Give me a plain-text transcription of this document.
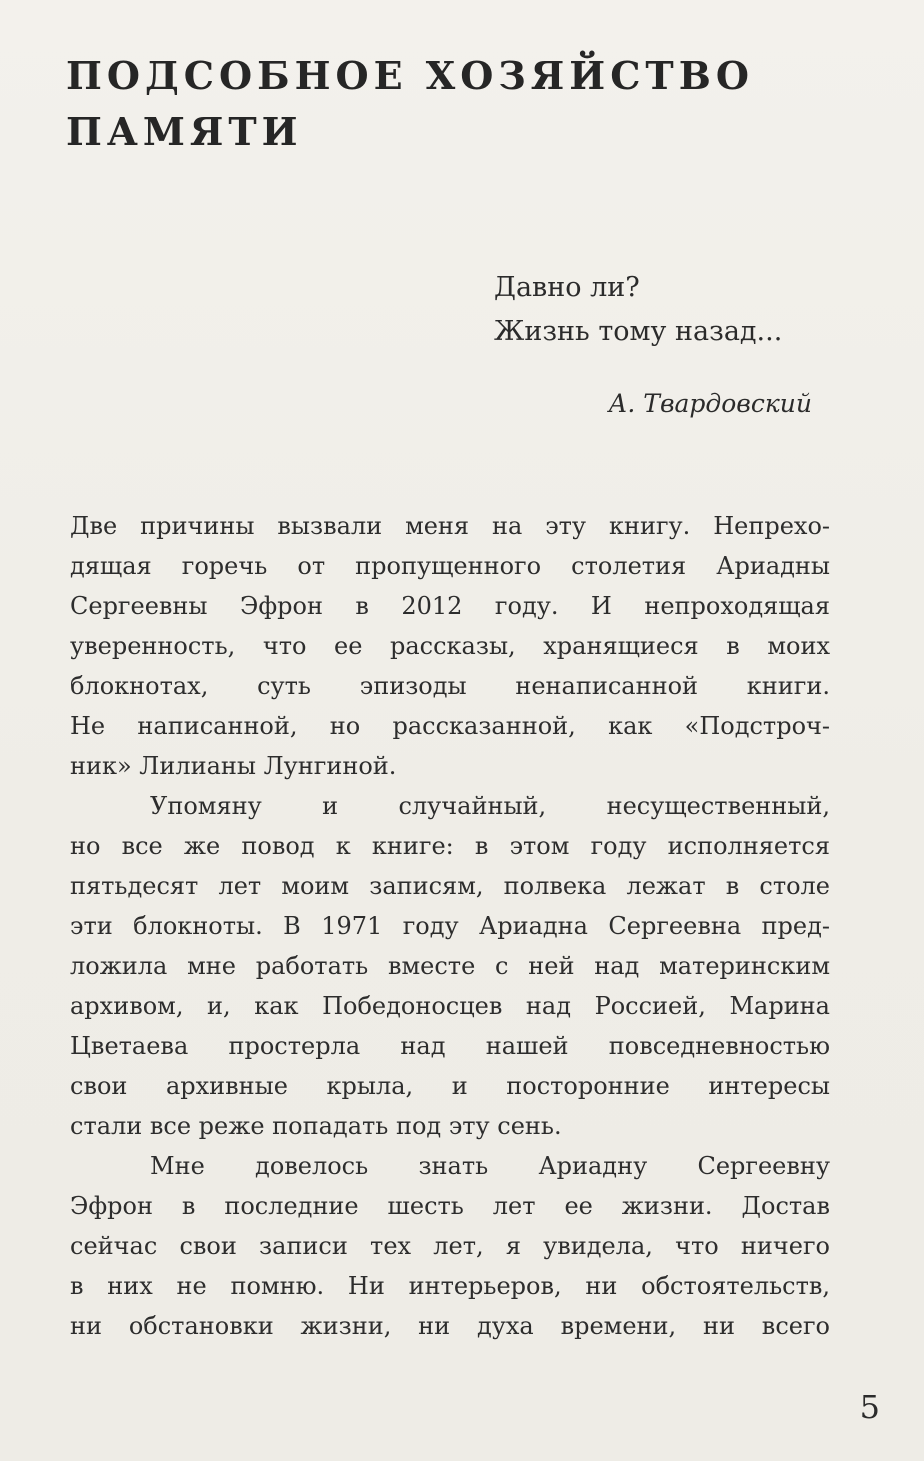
ПОДСОБНОЕ ХОЗЯЙСТВО
ПАМЯТИ
Давно ли?
Жизнь тому назад...
А. Твардовский
Две причины вызвали меня на эту книгу. Непрехо-
дящая горечь от пропущенного столетия Ариадны
Сергеевны Эфрон в 2012 году. И непроходящая
уверенность, что ее рассказы, хранящиеся в моих
блокнотах, суть эпизоды ненаписанной книги.
Не написанной, но рассказанной, как «Подстроч-
ник» Лилианы Лунгиной.
Упомяну и случайный, несущественный,
но все же повод к книге: в этом году исполняется
пятьдесят лет моим записям, полвека лежат в столе
эти блокноты. В 1971 году Ариадна Сергеевна пред-
ложила мне работать вместе с ней над материнским
архивом, и, как Победоносцев над Россией, Марина
Цветаева простерла над нашей повседневностью
свои архивные крыла, и посторонние интересы
стали все реже попадать под эту сень.
Мне довелось знать Ариадну Сергеевну
Эфрон в последние шесть лет ее жизни. Достав
сейчас свои записи тех лет, я увидела, что ничего
в них не помню. Ни интерьеров, ни обстоятельств,
ни обстановки жизни, ни духа времени, ни всего
5
